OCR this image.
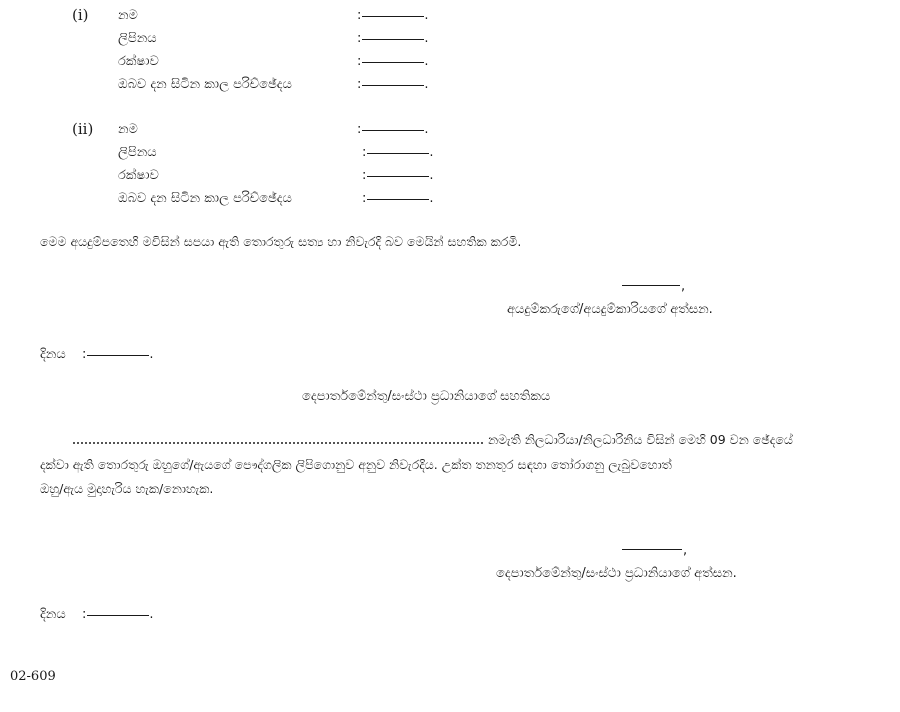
(i) නම	:	.
ලිපිනය	:	.
රක්ෂාව	:	.
ඔබව දන සිටින කාල පරිච්ඡේදය	:	.
(ii) නම	:	.
ලිපිනය	:	.
රක්ෂාව	:	.
ඔබව දන සිටින කාල පරිච්ඡේදය	:	.
මෙම අයදුම්පතෙහි මවිසින් සපයා ඇති තොරතුරු සත්‍ය හා නිවැරදි බව මෙයින් සහතික කරමි.
,
අයදුම්කරුගේ/අයදුම්කාරියගේ අත්සන.
දිනය :	.
දෙපාර්තමේන්තු/සංස්ථා ප්‍රධානියාගේ සහතිකය
නමැති නිලධාරියා/නිලධාරිනිය විසින් මෙහි 09 වන ඡේදයේ
දක්වා ඇති තොරතුරු ඔහුගේ/ඇයගේ පෞද්ගලික ලිපිගොනුව අනුව නිවැරදිය. උක්ත තනතුර සඳහා තෝරාගනු ලැබුවහොත්
ඔහු/ඇය මුදාහැරිය හැක/නොහැක.
,
දෙපාර්තමේන්තු/සංස්ථා ප්‍රධානියාගේ අත්සන.
දිනය :	.
02-609
